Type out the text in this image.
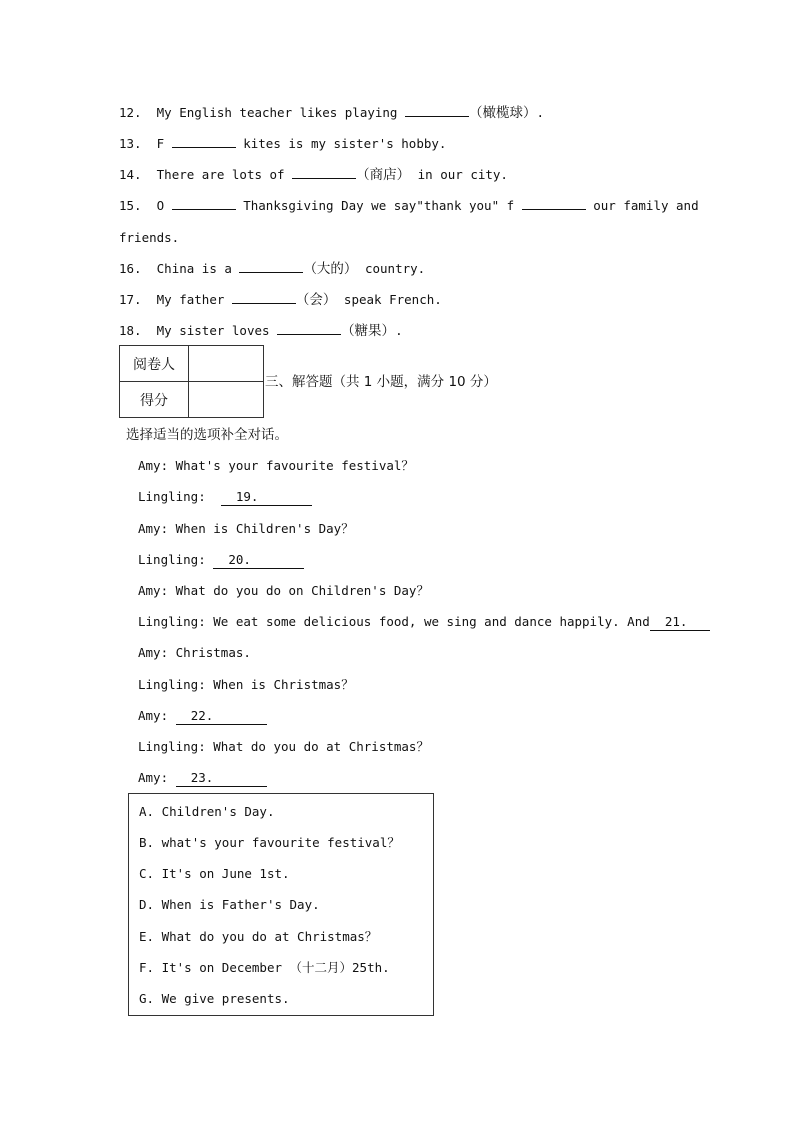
12. My English teacher likes playing	（橄榄球）.
13. F	kites is my sister's hobby.
14. There are lots of	（商店） in our city.
15. O	Thanksgiving Day we say"thank you" f	our family and
friends.
16. China is a	（大的） country.
17. My father	（会） speak French.
18. My sister loves	（糖果）.
阅卷人	
得分	
三、解答题（共 1 小题，满分 10 分）
选择适当的选项补全对话。
Amy: What's your favourite festival？
Lingling: 19.
Amy: When is Children's Day？
Lingling: 20.
Amy: What do you do on Children's Day？
Lingling: We eat some delicious food, we sing and dance happily. And 21.
Amy: Christmas.
Lingling: When is Christmas？
Amy: 22.
Lingling: What do you do at Christmas？
Amy: 23.
A. Children's Day.
B. what's your favourite festival？
C. It's on June 1st.
D. When is Father's Day.
E. What do you do at Christmas？
F. It's on December （十二月）25th.
G. We give presents.
